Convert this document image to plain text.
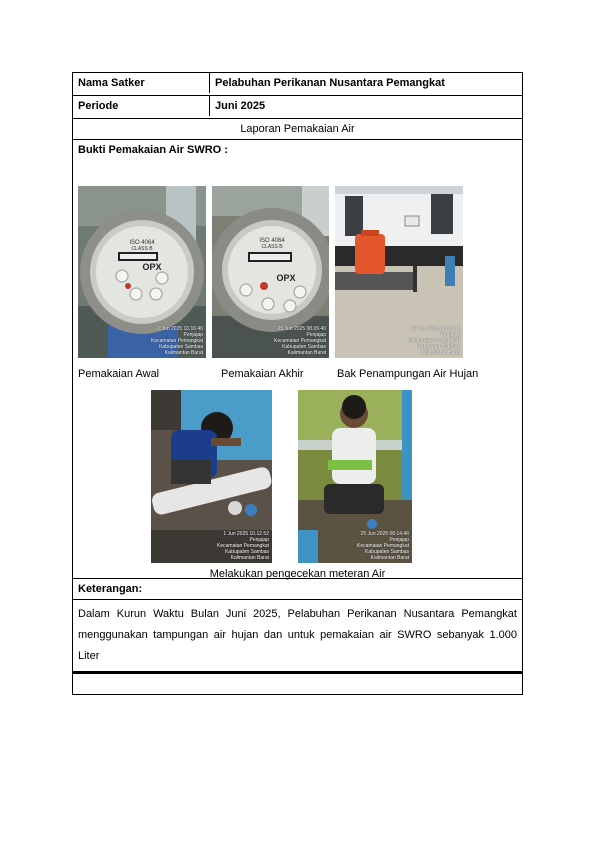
Nama Satker	Pelabuhan Perikanan Nusantara Pemangkat
Periode	Juni 2025
Laporan Pemakaian Air
Bukti Pemakaian Air SWRO :
ISO 4064
CLASS B
OPX
1 Jun 2025 10.10.46
Penjajap
Kecamatan Pemangkat
Kabupaten Sambas
Kalimantan Barat
ISO 4064
CLASS B
OPX
25 Jun 2025 08.09.40
Penjajap
Kecamatan Pemangkat
Kabupaten Sambas
Kalimantan Barat
29 Jun 2025 08.03.01
Penjajap
Kecamatan Pemangkat
Kabupaten Sambas
Kalimantan Barat
Pemakaian Awal	Pemakaian Akhir	Bak Penampungan Air Hujan
1 Jun 2025 10.12.52
Penjajap
Kecamatan Pemangkat
Kabupaten Sambas
Kalimantan Barat
25 Jun 2025 08.14.46
Penjajap
Kecamatan Pemangkat
Kabupaten Sambas
Kalimantan Barat
Melakukan pengecekan meteran Air
Keterangan:
Dalam Kurun Waktu Bulan Juni 2025, Pelabuhan Perikanan Nusantara Pemangkat menggunakan tampungan air hujan dan untuk pemakaian air SWRO sebanyak 1.000 Liter
